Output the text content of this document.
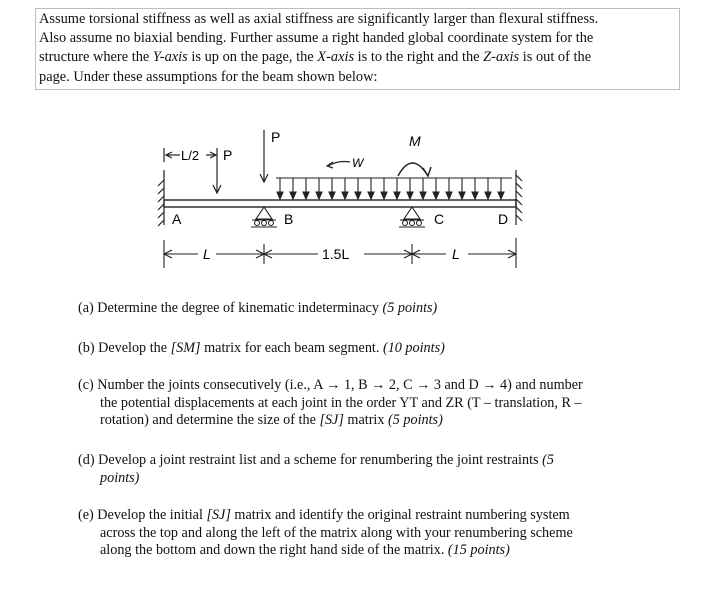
Assume torsional stiffness as well as axial stiffness are significantly larger than flexural stiffness.
Also assume no biaxial bending. Further assume a right handed global coordinate system for the
structure where the Y-axis is up on the page, the X-axis is to the right and the Z-axis is out of the
page. Under these assumptions for the beam shown below:
L/2 P
P
W
M
B	C
A	D
L	1.5L	L
(a) Determine the degree of kinematic indeterminacy (5 points)
(b) Develop the [SM] matrix for each beam segment. (10 points)
(c) Number the joints consecutively (i.e., A → 1, B → 2, C → 3 and D → 4) and number
the potential displacements at each joint in the order YT and ZR (T – translation, R –
rotation) and determine the size of the [SJ] matrix (5 points)
(d) Develop a joint restraint list and a scheme for renumbering the joint restraints (5
points)
(e) Develop the initial [SJ] matrix and identify the original restraint numbering system
across the top and along the left of the matrix along with your renumbering scheme
along the bottom and down the right hand side of the matrix. (15 points)
